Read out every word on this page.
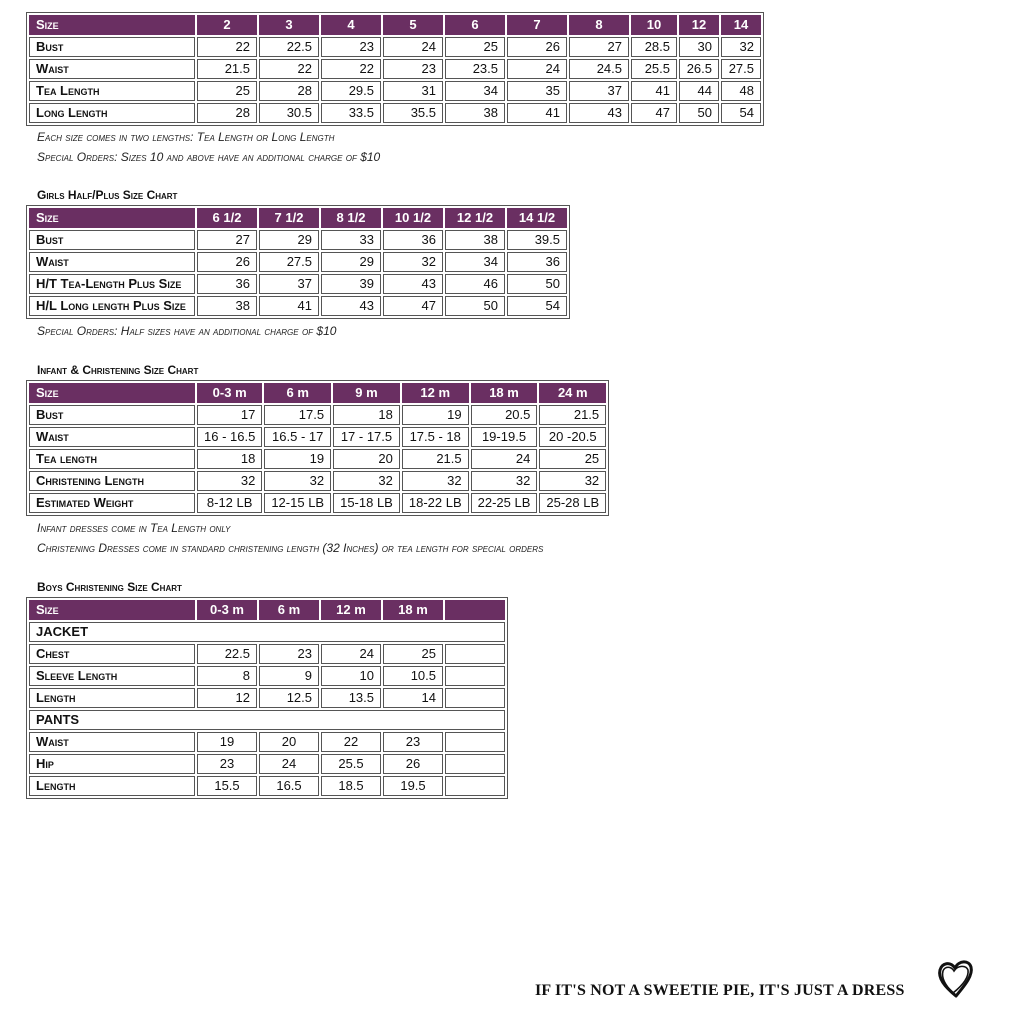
Size	2	3	4	5	6	7	8	10	12	14
Bust	22	22.5	23	24	25	26	27	28.5	30	32
Waist	21.5	22	22	23	23.5	24	24.5	25.5	26.5	27.5
Tea Length	25	28	29.5	31	34	35	37	41	44	48
Long Length	28	30.5	33.5	35.5	38	41	43	47	50	54

Each size comes in two lengths: Tea Length or Long Length

Special Orders: Sizes 10 and above have an additional charge of $10

Girls Half/Plus Size Chart

Size	6 1/2	7 1/2	8 1/2	10 1/2	12 1/2	14 1/2
Bust	27	29	33	36	38	39.5
Waist	26	27.5	29	32	34	36
H/T Tea-Length Plus Size	36	37	39	43	46	50
H/L Long length Plus Size	38	41	43	47	50	54

Special Orders: Half sizes have an additional charge of $10

Infant & Christening Size Chart

Size	0-3 m	6 m	9 m	12 m	18 m	24 m
Bust	17	17.5	18	19	20.5	21.5
Waist	16 - 16.5	16.5 - 17	17 - 17.5	17.5 - 18	19-19.5	20 -20.5
Tea length	18	19	20	21.5	24	25
Christening Length	32	32	32	32	32	32
Estimated Weight	8-12 LB	12-15 LB	15-18 LB	18-22 LB	22-25 LB	25-28 LB

Infant dresses come in Tea Length only

Christening Dresses come in standard christening length (32 Inches) or tea length for special orders

Boys Christening Size Chart

Size	0-3 m	6 m	12 m	18 m	
JACKET					
Chest	22.5	23	24	25	
Sleeve Length	8	9	10	10.5	
Length	12	12.5	13.5	14	
PANTS					
Waist	19	20	22	23	
Hip	23	24	25.5	26	
Length	15.5	16.5	18.5	19.5	
IF IT'S NOT A SWEETIE PIE, IT'S JUST A DRESS
